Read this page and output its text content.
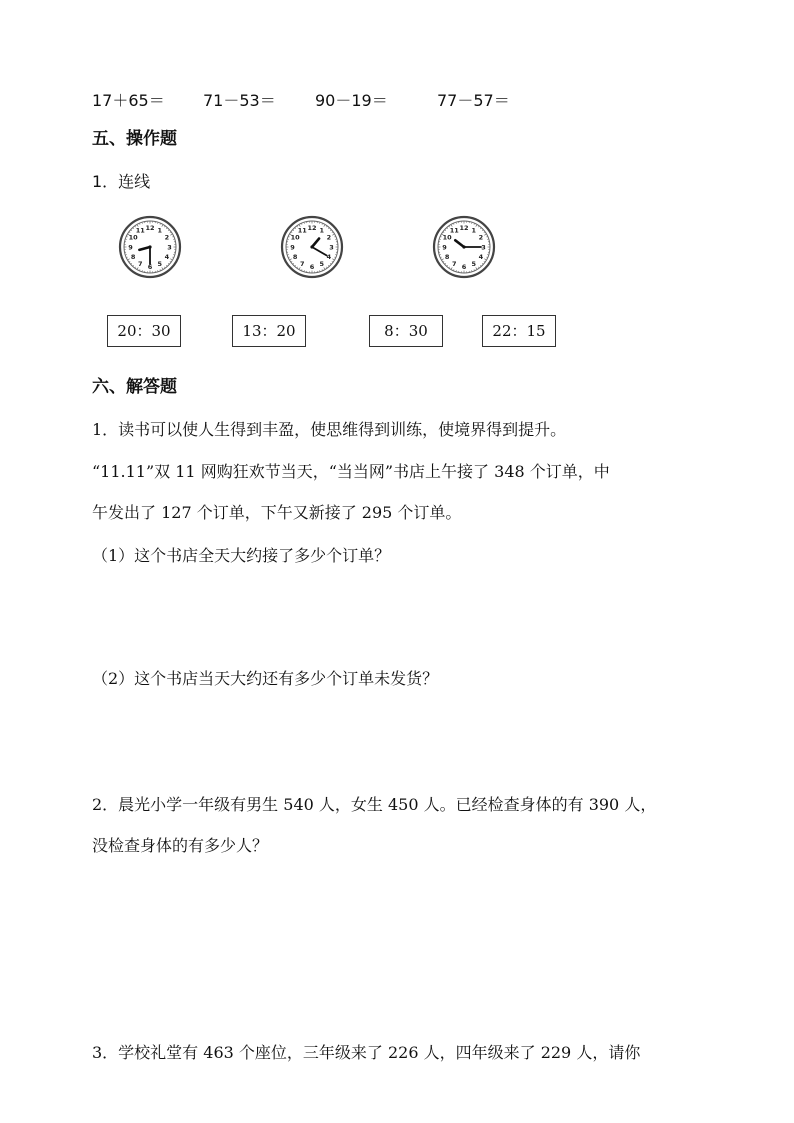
17＋65＝ 71－53＝ 90－19＝	77－57＝
五、操作题
1．连线
1
2
3
4
5
6
7
8
9
10
11 12	1
2
3
4
5
6
7
8
9
10
11 12	1
2
3
4
5
6
7
8
9
10
11 12
20：30	13：20	8：30	22：15
六、解答题
1．读书可以使人生得到丰盈，使思维得到训练，使境界得到提升。
“11.11”双 11 网购狂欢节当天，“当当网”书店上午接了 348 个订单，中
午发出了 127 个订单，下午又新接了 295 个订单。
（1）这个书店全天大约接了多少个订单？
（2）这个书店当天大约还有多少个订单未发货？
2．晨光小学一年级有男生 540 人，女生 450 人。已经检查身体的有 390 人，
没检查身体的有多少人？
3．学校礼堂有 463 个座位，三年级来了 226 人，四年级来了 229 人，请你
